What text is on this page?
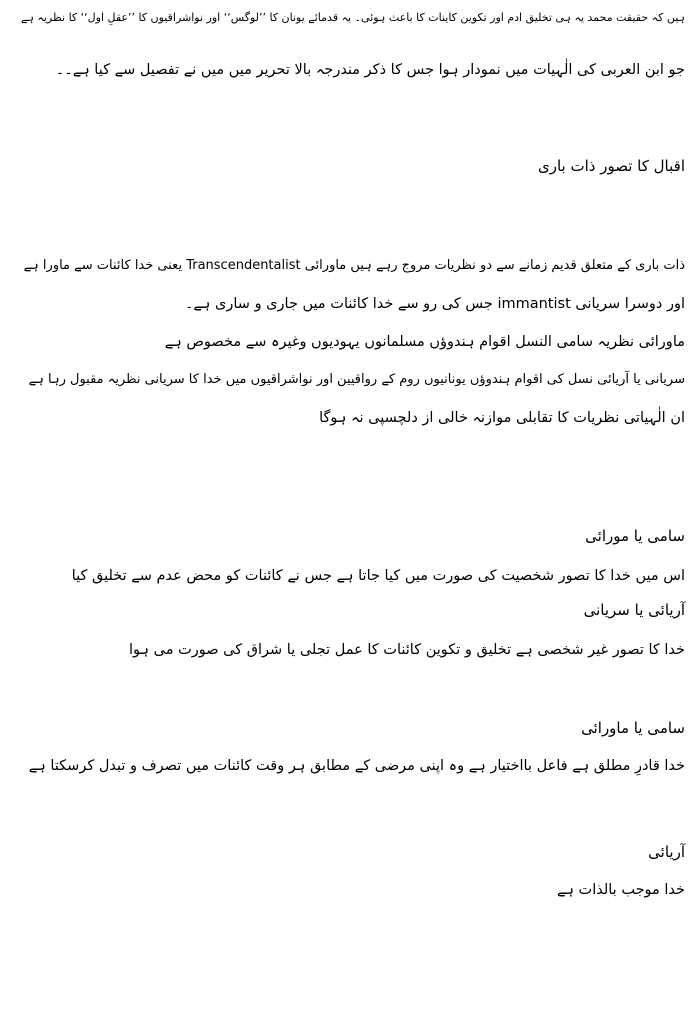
ہیں کہ حقیقت محمد یہ ہی تخلیق ادم اور تکوین کاینات کا باعث ہوئی۔ یہ قدمائے یونان کا ’’لوگس‘‘ اور نواشراقیوں کا ’’عقلِ اول‘‘ کا نظریہ ہے
جو ابن العربی کی الٰہیات میں نمودار ہوا جس کا ذکر مندرجہ بالا تحریر میں میں نے تفصیل سے کیا ہے۔۔
اقبال کا تصور ذات باری
ذات باری کے متعلق قدیم زمانے سے دو نظریات مروج رہے ہیں ماورائی Transcendentalist یعنی خدا کائنات سے ماورا ہے
اور دوسرا سریانی immantist جس کی رو سے خدا کائنات میں جاری و ساری ہے۔
ماورائی نظریہ سامی النسل اقوام ہندوؤں مسلمانوں یہودیوں وغیرہ سے مخصوص ہے
سریانی یا آریائی نسل کی اقوام ہندوؤں یونانیوں روم کے رواقیین اور نواشراقیوں میں خدا کا سریانی نظریہ مقبول رہا ہے
ان الٰہیاتی نظریات کا تقابلی موازنہ خالی از دلچسپی نہ ہوگا
سامی یا مورائی
اس میں خدا کا تصور شخصیت کی صورت میں کیا جاتا ہے جس نے کائنات کو محض عدم سے تخلیق کیا
آریائی یا سریانی
خدا کا تصور غیر شخصی ہے تخلیق و تکوین کائنات کا عمل تجلی یا شراق کی صورت می ہوا
سامی یا ماورائی
خدا قادرِ مطلق ہے فاعل بااختیار ہے وہ اپنی مرضی کے مطابق ہر وقت کائنات میں تصرف و تبدل کرسکتا ہے
آریائی
خدا موجب بالذات ہے
